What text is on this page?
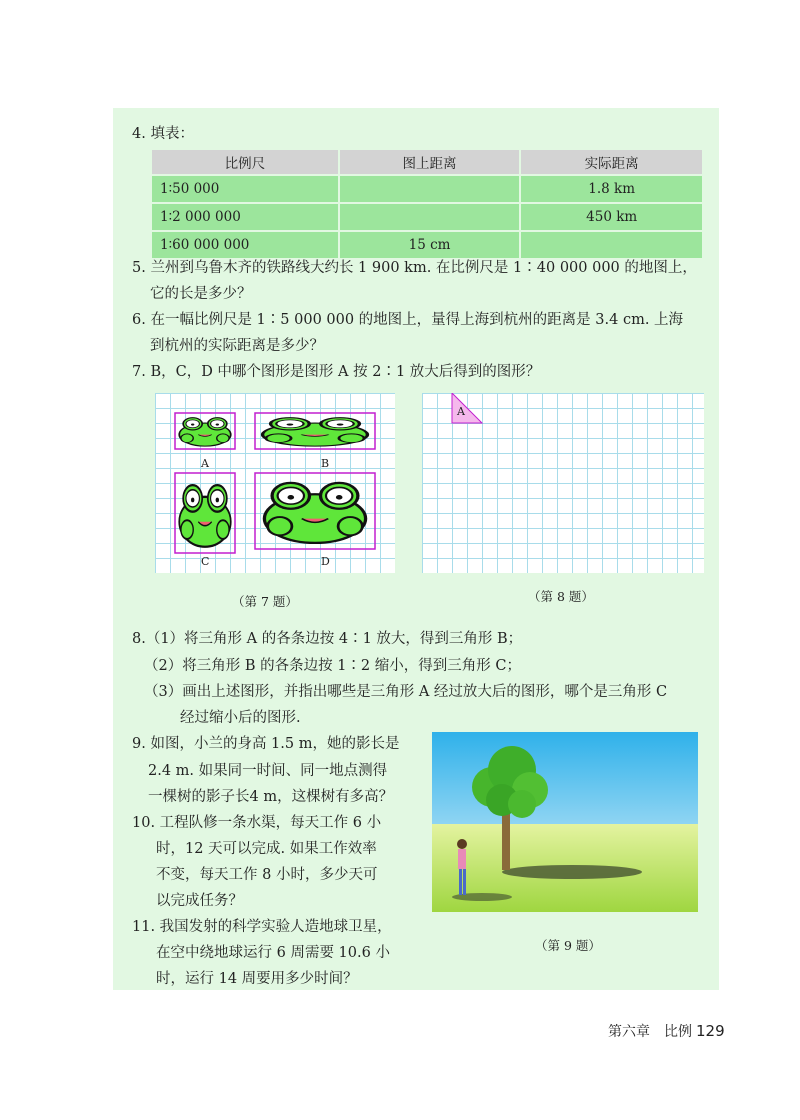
4. 填表：
比例尺	图上距离	实际距离
1∶50 000		1.8 km
1∶2 000 000		450 km
1∶60 000 000	15 cm	
5. 兰州到乌鲁木齐的铁路线大约长 1 900 km. 在比例尺是 1∶40 000 000 的地图上，
它的长是多少？
6. 在一幅比例尺是 1∶5 000 000 的地图上，量得上海到杭州的距离是 3.4 cm. 上海
到杭州的实际距离是多少？
7. B，C，D 中哪个图形是图形 A 按 2∶1 放大后得到的图形？
A	B
C	D
（第 7 题）
A
（第 8 题）
8.（1）将三角形 A 的各条边按 4∶1 放大，得到三角形 B；
（2）将三角形 B 的各条边按 1∶2 缩小，得到三角形 C；
（3）画出上述图形，并指出哪些是三角形 A 经过放大后的图形，哪个是三角形 C
经过缩小后的图形.
9. 如图，小兰的身高 1.5 m，她的影长是
2.4 m. 如果同一时间、同一地点测得
一棵树的影子长4 m，这棵树有多高？
10. 工程队修一条水渠，每天工作 6 小
时，12 天可以完成. 如果工作效率
不变，每天工作 8 小时，多少天可
以完成任务？
11. 我国发射的科学实验人造地球卫星，
在空中绕地球运行 6 周需要 10.6 小
时，运行 14 周要用多少时间？
（第 9 题）
第六章　比例 129
